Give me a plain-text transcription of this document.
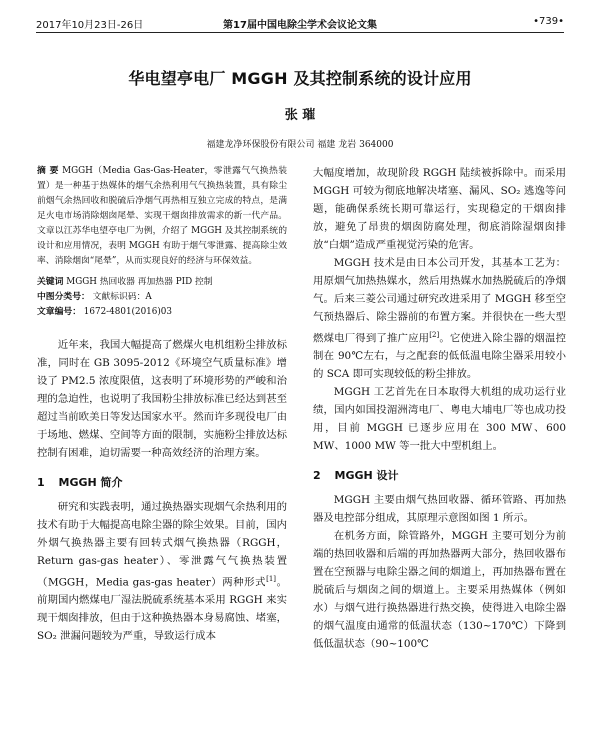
2017年10月23日-26日	第17届中国电除尘学术会议论文集	•739•
华电望亭电厂 MGGH 及其控制系统的设计应用
张 璀
福建龙净环保股份有限公司 福建 龙岩 364000

摘 要 MGGH（Media Gas-Gas-Heater，零泄露气气换热装置）是一种基于热媒体的烟气余热利用气气换热装置，具有除尘前烟气余热回收和脱硫后净烟气再热相互独立完成的特点，是满足火电市场消除烟囱尾晕、实现干烟囱排放需求的新一代产品。文章以江苏华电望亭电厂为例，介绍了 MGGH 及其控制系统的设计和应用情况，表明 MGGH 有助于烟气零泄露、提高除尘效率、消除烟囱“尾晕”，从而实现良好的经济与环保效益。

关键词 MGGH 热回收器 再加热器 PID 控制

中图分类号： 文献标识码：A

文章编号： 1672-4801(2016)03

近年来，我国大幅提高了燃煤火电机组粉尘排放标准，同时在 GB 3095-2012《环境空气质量标准》增设了 PM2.5 浓度限值，这表明了环境形势的严峻和治理的急迫性，也说明了我国粉尘排放标准已经达到甚至超过当前欧美日等发达国家水平。然而许多现役电厂由于场地、燃煤、空间等方面的限制，实施粉尘排放达标控制有困难，迫切需要一种高效经济的治理方案。

1 MGGH 简介

研究和实践表明，通过换热器实现烟气余热利用的技术有助于大幅提高电除尘器的除尘效果。目前，国内外烟气换热器主要有回转式烟气换热器（RGGH，Return gas-gas heater）、零泄露气气换热装置（MGGH，Media gas-gas heater）两种形式[1]。前期国内燃煤电厂湿法脱硫系统基本采用 RGGH 来实现干烟囱排放，但由于这种换热器本身易腐蚀、堵塞，SO₂ 泄漏问题较为严重，导致运行成本

大幅度增加，故现阶段 RGGH 陆续被拆除中。而采用 MGGH 可较为彻底地解决堵塞、漏风、SO₂ 逃逸等问题，能确保系统长期可靠运行，实现稳定的干烟囱排放，避免了昂贵的烟囱防腐处理，彻底消除湿烟囱排放“白烟”造成严重视觉污染的危害。

MGGH 技术是由日本公司开发，其基本工艺为：用原烟气加热热媒水，然后用热媒水加热脱硫后的净烟气。后来三菱公司通过研究改进采用了 MGGH 移至空气预热器后、除尘器前的布置方案。并很快在一些大型燃煤电厂得到了推广应用[2]。它使进入除尘器的烟温控制在 90℃左右，与之配套的低低温电除尘器采用较小的 SCA 即可实现较低的粉尘排放。

MGGH 工艺首先在日本取得大机组的成功运行业绩，国内如国投湄洲湾电厂、粤电大埔电厂等也成功投用，目前 MGGH 已逐步应用在 300 MW、600 MW、1000 MW 等一批大中型机组上。

2 MGGH 设计

MGGH 主要由烟气热回收器、循环管路、再加热器及电控部分组成，其原理示意图如图 1 所示。

在机务方面，除管路外，MGGH 主要可划分为前端的热回收器和后端的再加热器两大部分，热回收器布置在空预器与电除尘器之间的烟道上，再加热器布置在脱硫后与烟囱之间的烟道上。主要采用热媒体（例如水）与烟气进行换热器进行热交换，使得进入电除尘器的烟气温度由通常的低温状态（130~170℃）下降到低低温状态（90~100℃
